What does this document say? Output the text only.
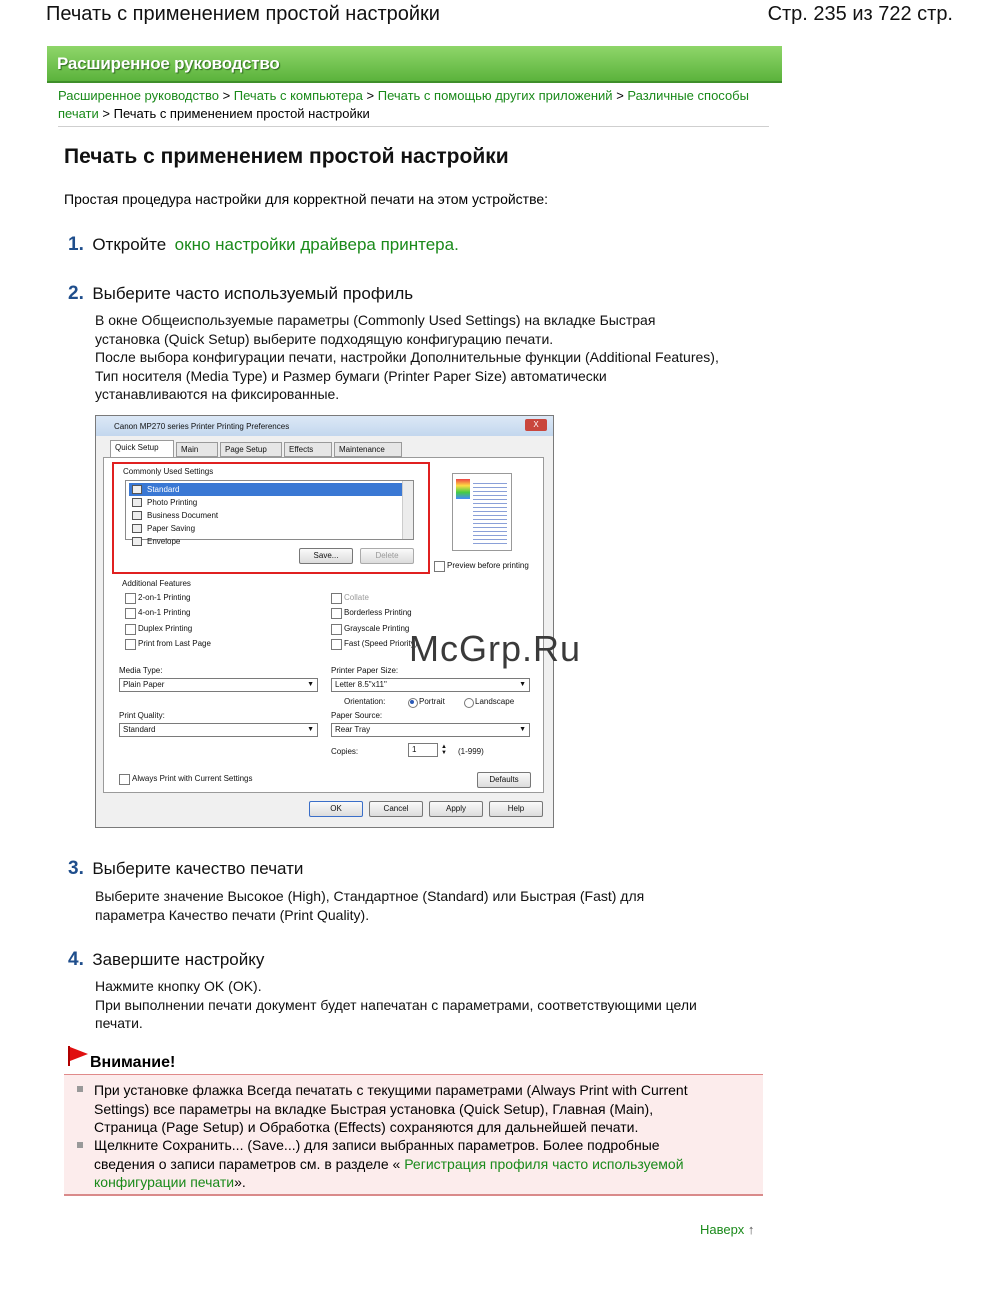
Печать с применением простой настройки	Стр. 235 из 722 стр.
Расширенное руководство
Расширенное руководство > Печать с компьютера > Печать с помощью других приложений > Различные способы печати > Печать с применением простой настройки
Печать с применением простой настройки
Простая процедура настройки для корректной печати на этом устройстве:
1. Откройте окно настройки драйвера принтера.
2. Выберите часто используемый профиль
В окне Общеиспользуемые параметры (Commonly Used Settings) на вкладке Быстрая
установка (Quick Setup) выберите подходящую конфигурацию печати.
После выбора конфигурации печати, настройки Дополнительные функции (Additional Features),
Тип носителя (Media Type) и Размер бумаги (Printer Paper Size) автоматически
устанавливаются на фиксированные.
Canon MP270 series Printer Printing Preferences	X
Quick Setup	Main	Page Setup	Effects	Maintenance
Commonly Used Settings
Standard
Photo Printing
Business Document
Paper Saving
Envelope
Save...	Delete
Preview before printing
Additional Features
2-on-1 Printing
4-on-1 Printing
Duplex Printing
Print from Last Page
Collate
Borderless Printing
Grayscale Printing
Fast (Speed Priority)
Media Type:
Plain Paper	▼
Printer Paper Size:
Letter 8.5"x11"	▼
Orientation:	Portrait	Landscape
Print Quality:
Standard	▼
Paper Source:
Rear Tray	▼
Copies:	1	▲
▼ (1-999)
Always Print with Current Settings	Defaults
OK	Cancel	Apply	Help
McGrp.Ru
3. Выберите качество печати
Выберите значение Высокое (High), Стандартное (Standard) или Быстрая (Fast) для
параметра Качество печати (Print Quality).
4. Завершите настройку
Нажмите кнопку OK (OK).
При выполнении печати документ будет напечатан с параметрами, соответствующими цели
печати.
Внимание!
При установке флажка Всегда печатать с текущими параметрами (Always Print with Current
Settings) все параметры на вкладке Быстрая установка (Quick Setup), Главная (Main),
Страница (Page Setup) и Обработка (Effects) сохраняются для дальнейшей печати.
Щелкните Сохранить... (Save...) для записи выбранных параметров. Более подробные
сведения о записи параметров см. в разделе « Регистрация профиля часто используемой
конфигурации печати».
Наверх ↑
